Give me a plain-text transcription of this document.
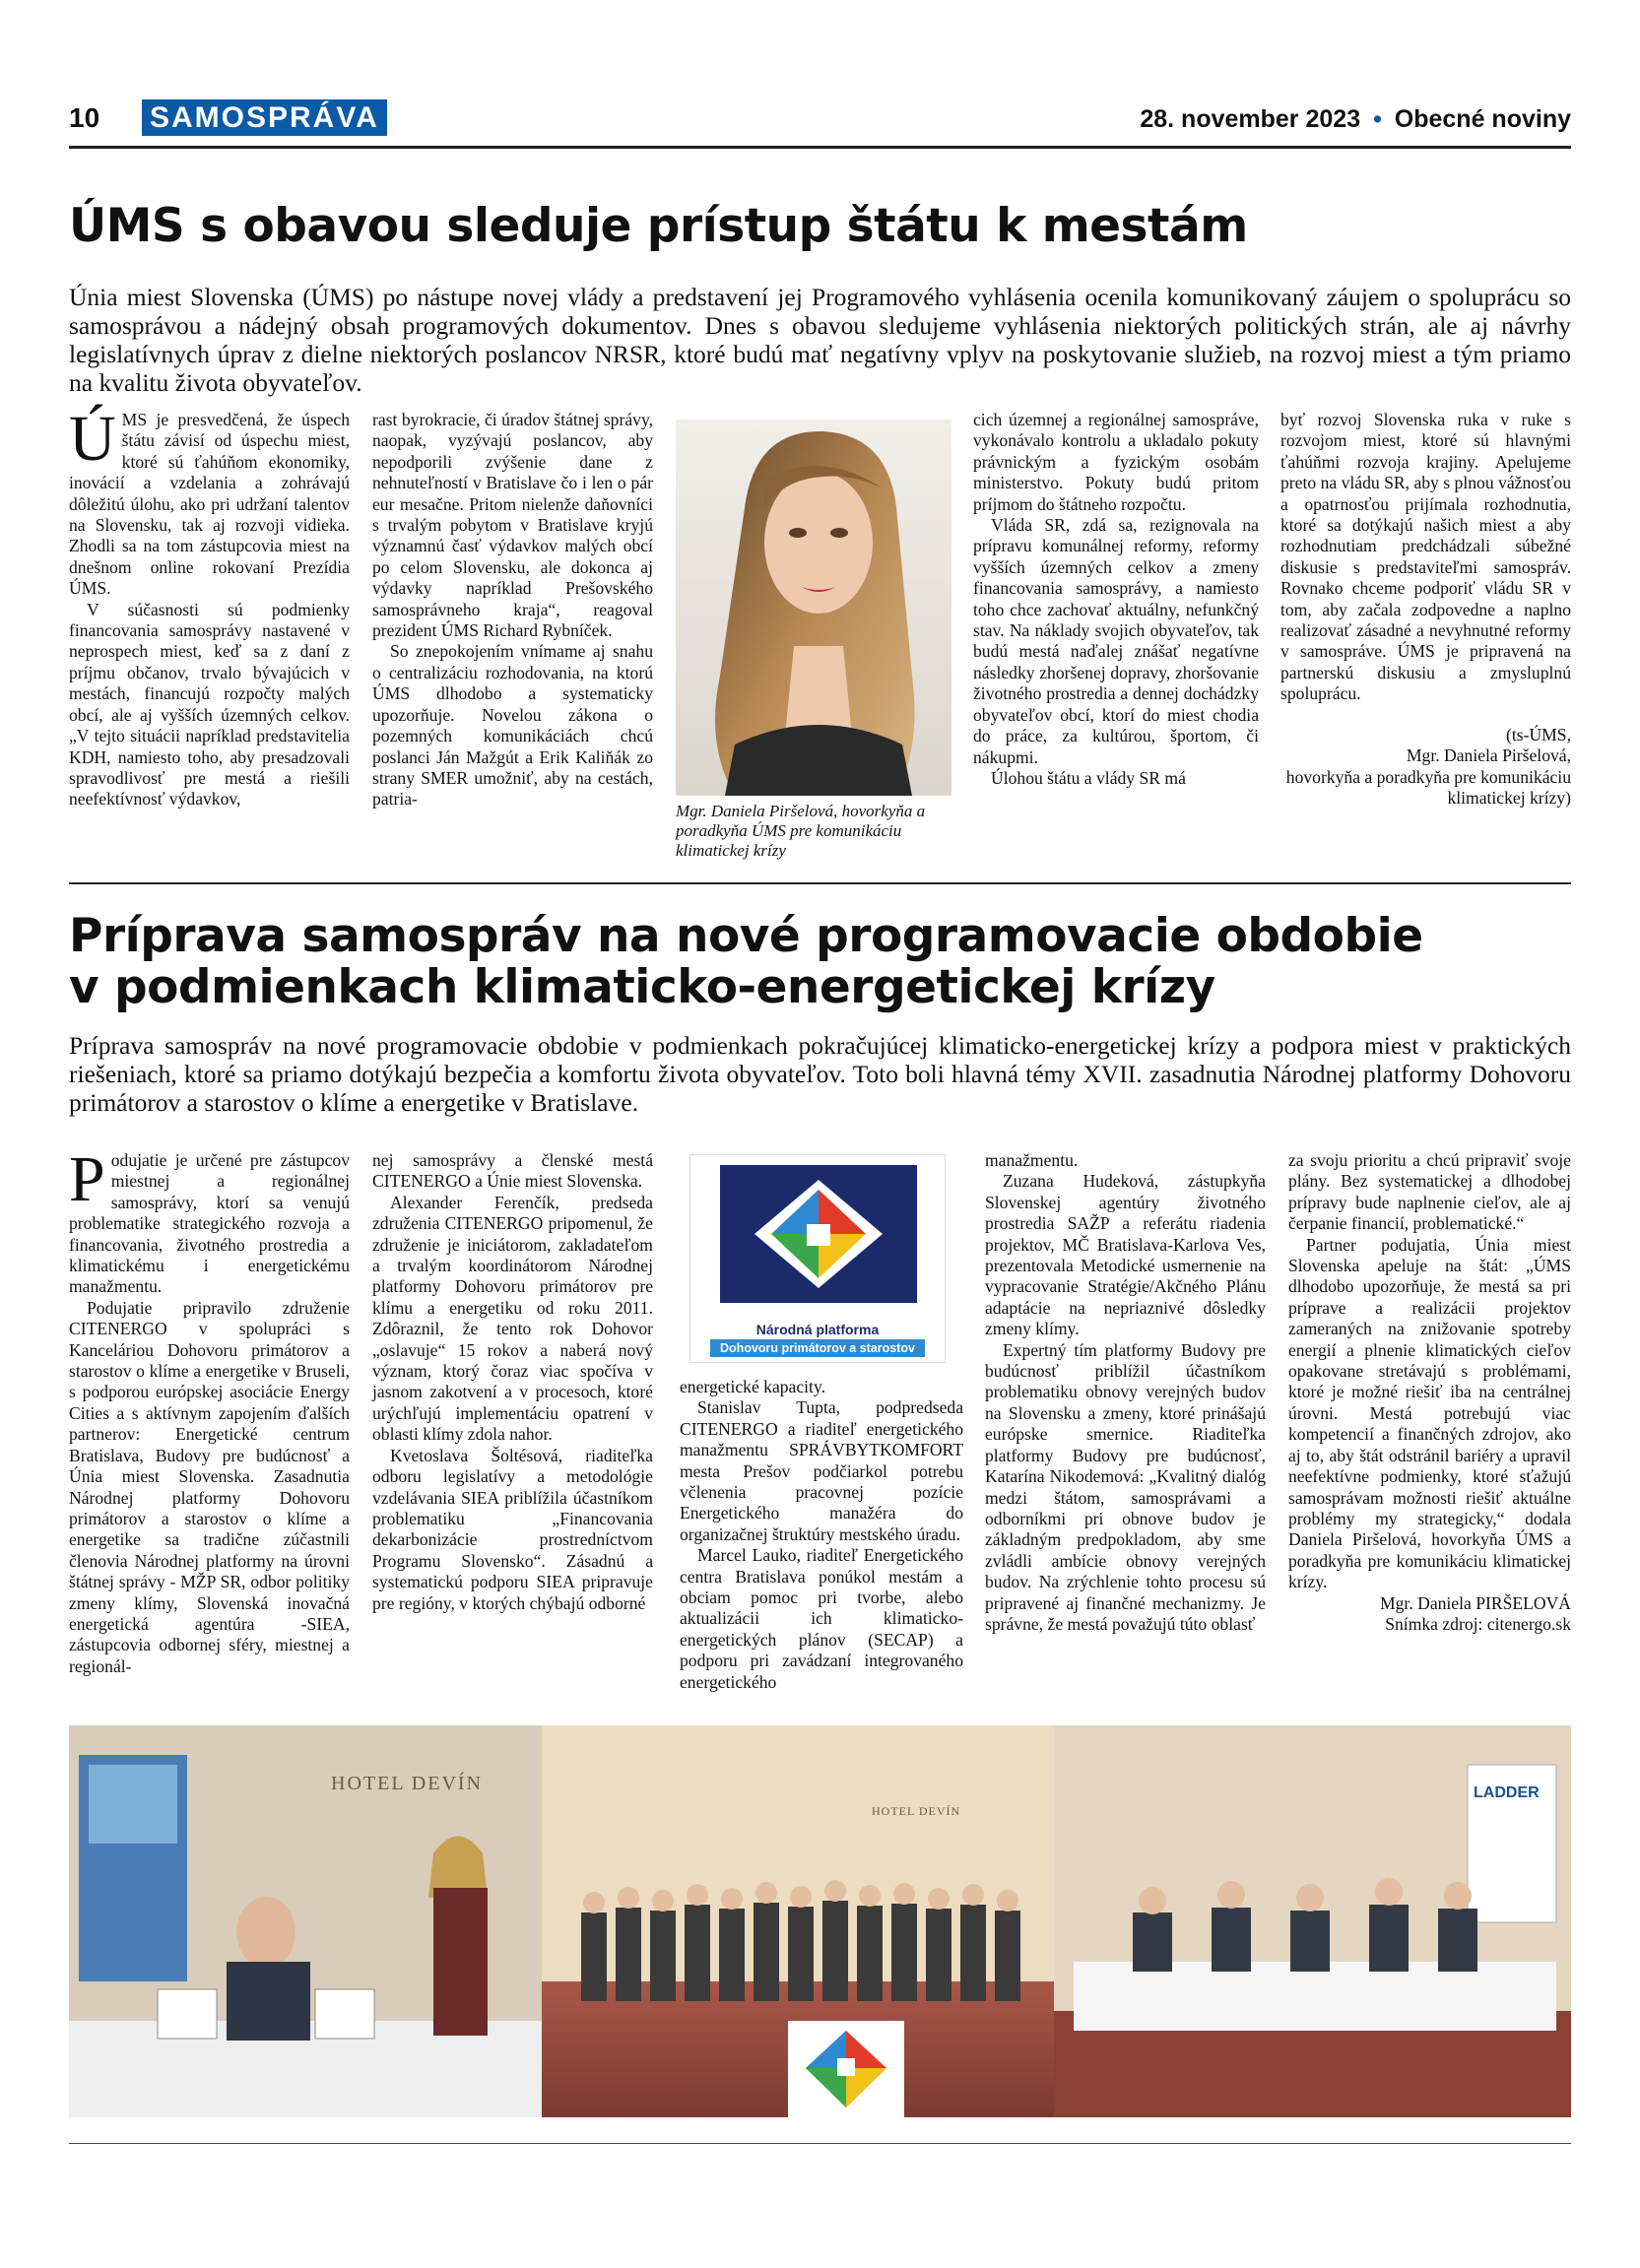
10 SAMOSPRÁVA	28. november 2023 • Obecné noviny
ÚMS s obavou sleduje prístup štátu k mestám
Únia miest Slovenska (ÚMS) po nástupe novej vlády a predstavení jej Programového vyhlásenia ocenila komunikovaný záujem o spoluprácu so samosprávou a nádejný obsah programových dokumentov. Dnes s obavou sledujeme vyhlásenia niektorých politických strán, ale aj návrhy legislatívnych úprav z dielne niektorých poslancov NRSR, ktoré budú mať negatívny vplyv na poskytovanie služieb, na rozvoj miest a tým priamo na kvalitu života obyvateľov.

ÚMS je presvedčená, že úspech štátu závisí od úspechu miest, ktoré sú ťahúňom ekonomiky, inovácií a vzdelania a zohrávajú dôležitú úlohu, ako pri udržaní talentov na Slovensku, tak aj rozvoji vidieka. Zhodli sa na tom zástupcovia miest na dnešnom online rokovaní Prezídia ÚMS.

V súčasnosti sú podmienky financovania samosprávy nastavené v neprospech miest, keď sa z daní z príjmu občanov, trvalo bývajúcich v mestách, financujú rozpočty malých obcí, ale aj vyšších územných celkov. „V tejto situácii napríklad predstavitelia KDH, namiesto toho, aby presadzovali spravodlivosť pre mestá a riešili neefektívnosť výdavkov,

rast byrokracie, či úradov štátnej správy, naopak, vyzývajú poslancov, aby nepodporili zvýšenie dane z nehnuteľností v Bratislave čo i len o pár eur mesačne. Pritom nielenže daňovníci s trvalým pobytom v Bratislave kryjú významnú časť výdavkov malých obcí po celom Slovensku, ale dokonca aj výdavky napríklad Prešovského samosprávneho kraja“, reagoval prezident ÚMS Richard Rybníček.

So znepokojením vnímame aj snahu o centralizáciu rozhodovania, na ktorú ÚMS dlhodobo a systematicky upozorňuje. Novelou zákona o pozemných komunikáciách chcú poslanci Ján Mažgút a Erik Kaliňák zo strany SMER umožniť, aby na cestách, patria-

Mgr. Daniela Piršelová, hovorkyňa a poradkyňa ÚMS pre komunikáciu klimatickej krízy

cich územnej a regionálnej samospráve, vykonávalo kontrolu a ukladalo pokuty právnickým a fyzickým osobám ministerstvo. Pokuty budú pritom príjmom do štátneho rozpočtu.

Vláda SR, zdá sa, rezignovala na prípravu komunálnej reformy, reformy vyšších územných celkov a zmeny financovania samosprávy, a namiesto toho chce zachovať aktuálny, nefunkčný stav. Na náklady svojich obyvateľov, tak budú mestá naďalej znášať negatívne následky zhoršenej dopravy, zhoršovanie životného prostredia a dennej dochádzky obyvateľov obcí, ktorí do miest chodia do práce, za kultúrou, športom, či nákupmi.

Úlohou štátu a vlády SR má

byť rozvoj Slovenska ruka v ruke s rozvojom miest, ktoré sú hlavnými ťahúňmi rozvoja krajiny. Apelujeme preto na vládu SR, aby s plnou vážnosťou a opatrnosťou prijímala rozhodnutia, ktoré sa dotýkajú našich miest a aby rozhodnutiam predchádzali súbežné diskusie s predstaviteľmi samospráv. Rovnako chceme podporiť vládu SR v tom, aby začala zodpovedne a naplno realizovať zásadné a nevyhnutné reformy v samospráve. ÚMS je pripravená na partnerskú diskusiu a zmysluplnú spoluprácu.

(ts-ÚMS,

Mgr. Daniela Piršelová,

hovorkyňa a poradkyňa pre komunikáciu klimatickej krízy)

Príprava samospráv na nové programovacie obdobie
v podmienkach klimaticko-energetickej krízy
Príprava samospráv na nové programovacie obdobie v podmienkach pokračujúcej klimaticko-energetickej krízy a podpora miest v praktických riešeniach, ktoré sa priamo dotýkajú bezpečia a komfortu života obyvateľov. Toto boli hlavná témy XVII. zasadnutia Národnej platformy Dohovoru primátorov a starostov o klíme a energetike v Bratislave.

Podujatie je určené pre zástupcov miestnej a regionálnej samosprávy, ktorí sa venujú problematike strategického rozvoja a financovania, životného prostredia a klimatickému i energetickému manažmentu.

Podujatie pripravilo združenie CITENERGO v spolupráci s Kanceláriou Dohovoru primátorov a starostov o klíme a energetike v Bruseli, s podporou európskej asociácie Energy Cities a s aktívnym zapojením ďalších partnerov: Energetické centrum Bratislava, Budovy pre budúcnosť a Únia miest Slovenska. Zasadnutia Národnej platformy Dohovoru primátorov a starostov o klíme a energetike sa tradične zúčastnili členovia Národnej platformy na úrovni štátnej správy - MŽP SR, odbor politiky zmeny klímy, Slovenská inovačná energetická agentúra -SIEA, zástupcovia odbornej sféry, miestnej a regionál-

nej samosprávy a členské mestá CITENERGO a Únie miest Slovenska.

Alexander Ferenčík, predseda združenia CITENERGO pripomenul, že združenie je iniciátorom, zakladateľom a trvalým koordinátorom Národnej platformy Dohovoru primátorov pre klímu a energetiku od roku 2011. Zdôraznil, že tento rok Dohovor „oslavuje“ 15 rokov a naberá nový význam, ktorý čoraz viac spočíva v jasnom zakotvení a v procesoch, ktoré urýchľujú implementáciu opatrení v oblasti klímy zdola nahor.

Kvetoslava Šoltésová, riaditeľka odboru legislatívy a metodológie vzdelávania SIEA priblížila účastníkom problematiku „Financovania dekarbonizácie prostredníctvom Programu Slovensko“. Zásadnú a systematickú podporu SIEA pripravuje pre regióny, v ktorých chýbajú odborné

Národná platforma
Dohovoru primátorov a starostov

energetické kapacity.

Stanislav Tupta, podpredseda CITENERGO a riaditeľ energetického manažmentu SPRÁVBYTKOMFORT mesta Prešov podčiarkol potrebu včlenenia pracovnej pozície Energetického manažéra do organizačnej štruktúry mestského úradu.

Marcel Lauko, riaditeľ Energetického centra Bratislava ponúkol mestám a obciam pomoc pri tvorbe, alebo aktualizácii ich klimaticko-energetických plánov (SECAP) a podporu pri zavádzaní integrovaného energetického

manažmentu.

Zuzana Hudeková, zástupkyňa Slovenskej agentúry životného prostredia SAŽP a referátu riadenia projektov, MČ Bratislava-Karlova Ves, prezentovala Metodické usmernenie na vypracovanie Stratégie/Akčného Plánu adaptácie na nepriaznivé dôsledky zmeny klímy.

Expertný tím platformy Budovy pre budúcnosť priblížil účastníkom problematiku obnovy verejných budov na Slovensku a zmeny, ktoré prinášajú európske smernice. Riaditeľka platformy Budovy pre budúcnosť, Katarína Nikodemová: „Kvalitný dialóg medzi štátom, samosprávami a odborníkmi pri obnove budov je základným predpokladom, aby sme zvládli ambície obnovy verejných budov. Na zrýchlenie tohto procesu sú pripravené aj finančné mechanizmy. Je správne, že mestá považujú túto oblasť

za svoju prioritu a chcú pripraviť svoje plány. Bez systematickej a dlhodobej prípravy bude naplnenie cieľov, ale aj čerpanie financií, problematické.“

Partner podujatia, Únia miest Slovenska apeluje na štát: „ÚMS dlhodobo upozorňuje, že mestá sa pri príprave a realizácii projektov zameraných na znižovanie spotreby energií a plnenie klimatických cieľov opakovane stretávajú s problémami, ktoré je možné riešiť iba na centrálnej úrovni. Mestá potrebujú viac kompetencií a finančných zdrojov, ako aj to, aby štát odstránil bariéry a upravil neefektívne podmienky, ktoré sťažujú samosprávam možnosti riešiť aktuálne problémy my strategicky,“ dodala Daniela Piršelová, hovorkyňa ÚMS a poradkyňa pre komunikáciu klimatickej krízy.

Mgr. Daniela PIRŠELOVÁ

Snímka zdroj: citenergo.sk

HOTEL DEVÍN
HOTEL DEVÍN
LADDER
